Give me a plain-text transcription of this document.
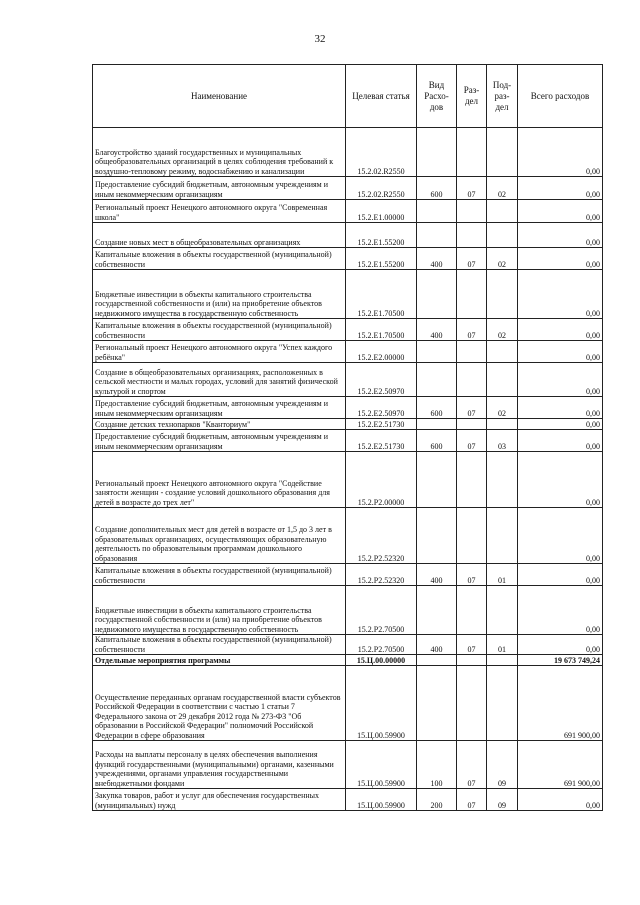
32
Наименование	Целевая статья	Вид Расхо-дов	Раз-дел	Под-раз-дел	Всего расходов
Благоустройство зданий государственных и муниципальных общеобразовательных организаций в целях соблюдения требований к воздушно-тепловому режиму, водоснабжению и канализации	15.2.02.R2550				0,00
Предоставление субсидий бюджетным, автономным учреждениям и иным некоммерческим организациям	15.2.02.R2550	600	07	02	0,00
Региональный проект Ненецкого автономного округа "Современная школа"	15.2.E1.00000				0,00
Создание новых мест в общеобразовательных организациях	15.2.E1.55200				0,00
Капитальные вложения в объекты государственной (муниципальной) собственности	15.2.E1.55200	400	07	02	0,00
Бюджетные инвестиции в объекты капитального строительства государственной собственности и (или) на приобретение объектов недвижимого имущества в государственную собственность	15.2.E1.70500				0,00
Капитальные вложения в объекты государственной (муниципальной) собственности	15.2.E1.70500	400	07	02	0,00
Региональный проект Ненецкого автономного округа "Успех каждого ребёнка"	15.2.E2.00000				0,00
Создание в общеобразовательных организациях, расположенных в сельской местности и малых городах, условий для занятий физической культурой и спортом	15.2.E2.50970				0,00
Предоставление субсидий бюджетным, автономным учреждениям и иным некоммерческим организациям	15.2.E2.50970	600	07	02	0,00
Создание детских технопарков "Кванториум"	15.2.E2.51730				0,00
Предоставление субсидий бюджетным, автономным учреждениям и иным некоммерческим организациям	15.2.E2.51730	600	07	03	0,00
Региональный проект Ненецкого автономного округа "Содействие занятости женщин - создание условий дошкольного образования для детей в возрасте до трех лет"	15.2.P2.00000				0,00
Создание дополнительных мест для детей в возрасте от 1,5 до 3 лет в образовательных организациях, осуществляющих образовательную деятельность по образовательным программам дошкольного образования	15.2.P2.52320				0,00
Капитальные вложения в объекты государственной (муниципальной) собственности	15.2.P2.52320	400	07	01	0,00
Бюджетные инвестиции в объекты капитального строительства государственной собственности и (или) на приобретение объектов недвижимого имущества в государственную собственность	15.2.P2.70500				0,00
Капитальные вложения в объекты государственной (муниципальной) собственности	15.2.P2.70500	400	07	01	0,00
Отдельные мероприятия программы	15.Ц.00.00000				19 673 749,24
Осуществление переданных органам государственной власти субъектов Российской Федерации в соответствии с частью 1 статьи 7 Федерального закона от 29 декабря 2012 года № 273-ФЗ "Об образовании в Российской Федерации" полномочий Российской Федерации в сфере образования	15.Ц.00.59900				691 900,00
Расходы на выплаты персоналу в целях обеспечения выполнения функций государственными (муниципальными) органами, казенными учреждениями, органами управления государственными внебюджетными фондами	15.Ц.00.59900	100	07	09	691 900,00
Закупка товаров, работ и услуг для обеспечения государственных (муниципальных) нужд	15.Ц.00.59900	200	07	09	0,00
